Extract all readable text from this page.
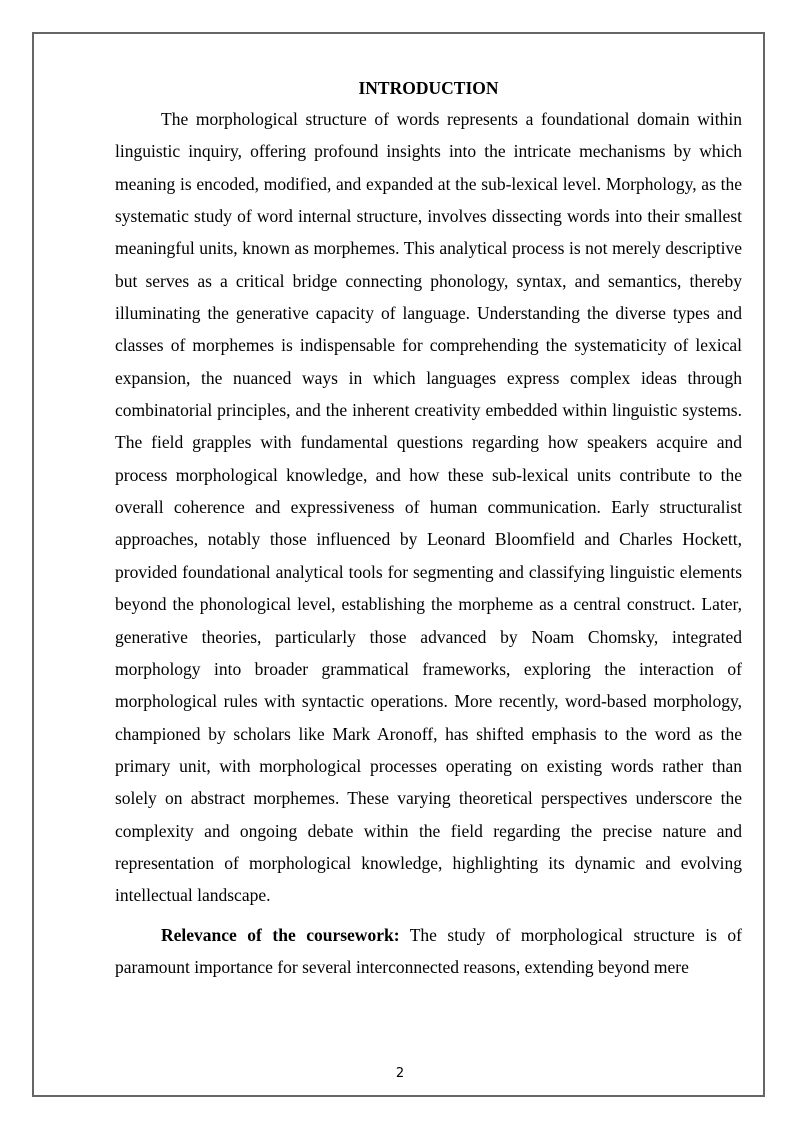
INTRODUCTION

The morphological structure of words represents a foundational domain within linguistic inquiry, offering profound insights into the intricate mechanisms by which meaning is encoded, modified, and expanded at the sub-lexical level. Morphology, as the systematic study of word internal structure, involves dissecting words into their smallest meaningful units, known as morphemes. This analytical process is not merely descriptive but serves as a critical bridge connecting phonology, syntax, and semantics, thereby illuminating the generative capacity of language. Understanding the diverse types and classes of morphemes is indispensable for comprehending the systematicity of lexical expansion, the nuanced ways in which languages express complex ideas through combinatorial principles, and the inherent creativity embedded within linguistic systems. The field grapples with fundamental questions regarding how speakers acquire and process morphological knowledge, and how these sub-lexical units contribute to the overall coherence and expressiveness of human communication. Early structuralist approaches, notably those influenced by Leonard Bloomfield and Charles Hockett, provided foundational analytical tools for segmenting and classifying linguistic elements beyond the phonological level, establishing the morpheme as a central construct. Later, generative theories, particularly those advanced by Noam Chomsky, integrated morphology into broader grammatical frameworks, exploring the interaction of morphological rules with syntactic operations. More recently, word-based morphology, championed by scholars like Mark Aronoff, has shifted emphasis to the word as the primary unit, with morphological processes operating on existing words rather than solely on abstract morphemes. These varying theoretical perspectives underscore the complexity and ongoing debate within the field regarding the precise nature and representation of morphological knowledge, highlighting its dynamic and evolving intellectual landscape.

Relevance of the coursework: The study of morphological structure is of paramount importance for several interconnected reasons, extending beyond mere

2
